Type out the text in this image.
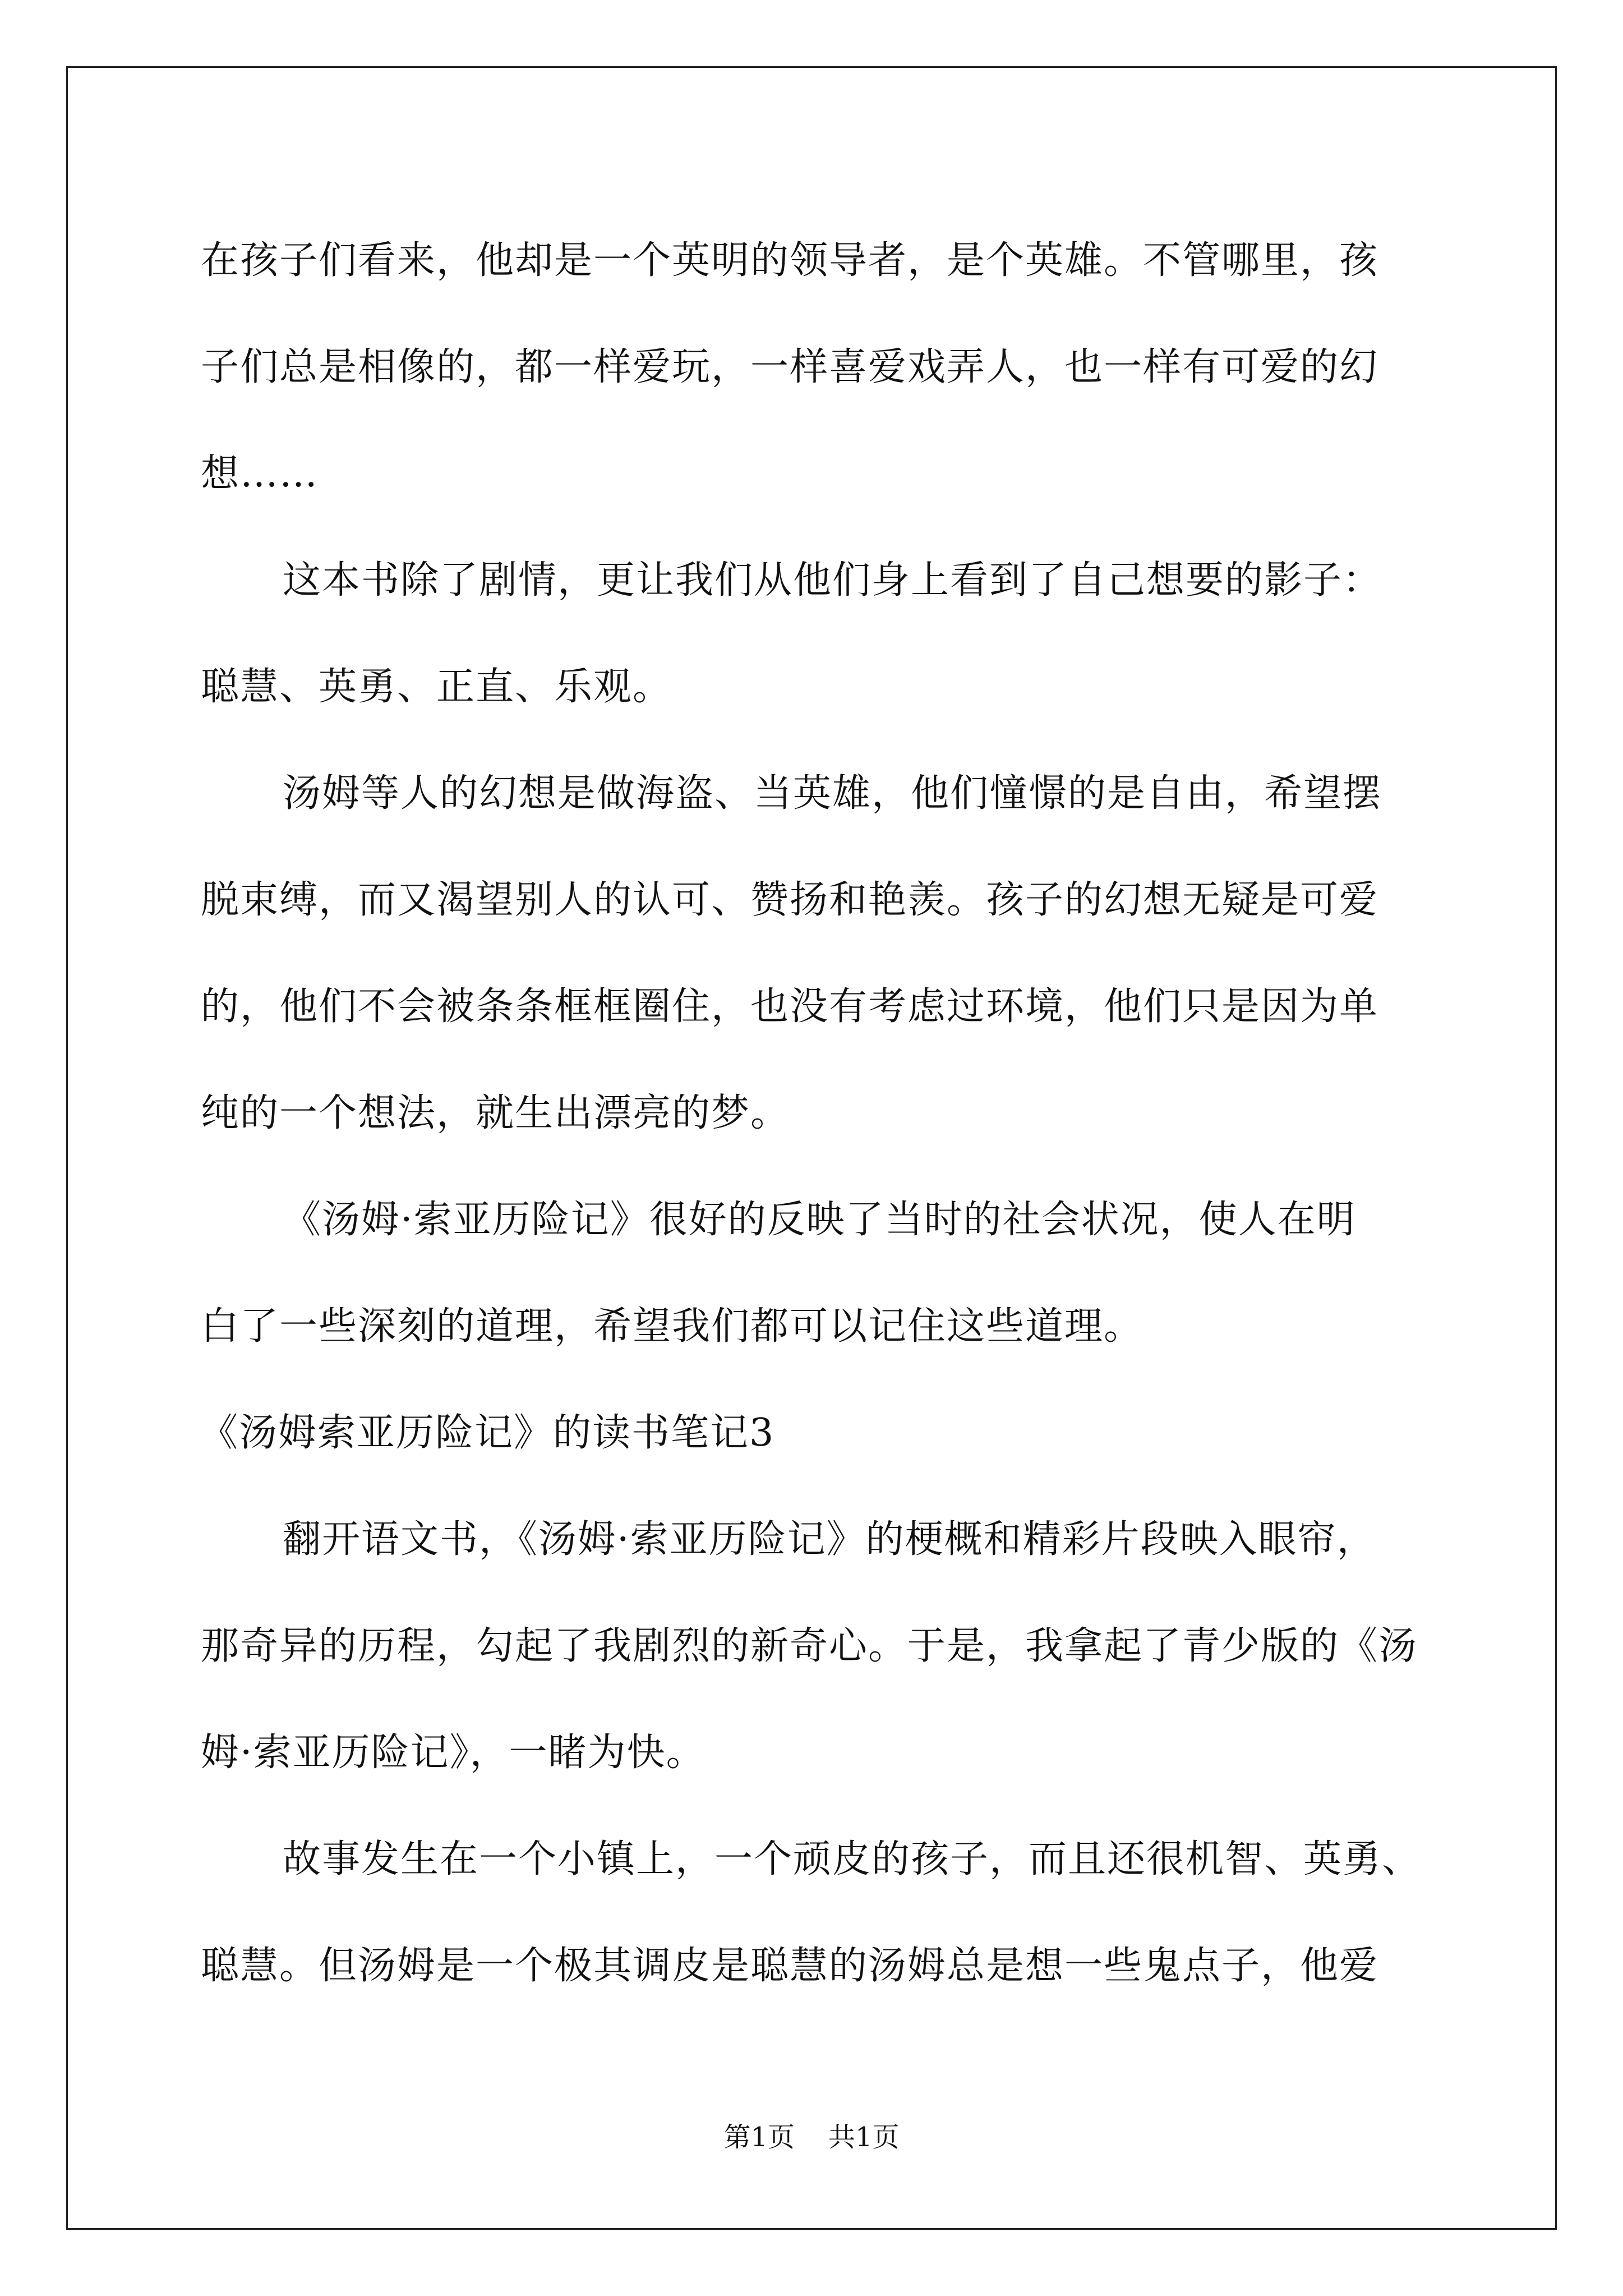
在孩子们看来，他却是一个英明的领导者，是个英雄。不管哪里，孩
子们总是相像的，都一样爱玩，一样喜爱戏弄人，也一样有可爱的幻
想……
这本书除了剧情，更让我们从他们身上看到了自己想要的影子：
聪慧、英勇、正直、乐观。
汤姆等人的幻想是做海盗、当英雄，他们憧憬的是自由，希望摆
脱束缚，而又渴望别人的认可、赞扬和艳羡。孩子的幻想无疑是可爱
的，他们不会被条条框框圈住，也没有考虑过环境，他们只是因为单
纯的一个想法，就生出漂亮的梦。
《汤姆·索亚历险记》很好的反映了当时的社会状况，使人在明
白了一些深刻的道理，希望我们都可以记住这些道理。
《汤姆索亚历险记》的读书笔记3
翻开语文书，《汤姆·索亚历险记》的梗概和精彩片段映入眼帘，
那奇异的历程，勾起了我剧烈的新奇心。于是，我拿起了青少版的《汤
姆·索亚历险记》，一睹为快。
故事发生在一个小镇上，一个顽皮的孩子，而且还很机智、英勇、
聪慧。但汤姆是一个极其调皮是聪慧的汤姆总是想一些鬼点子，他爱
第1页 共1页
